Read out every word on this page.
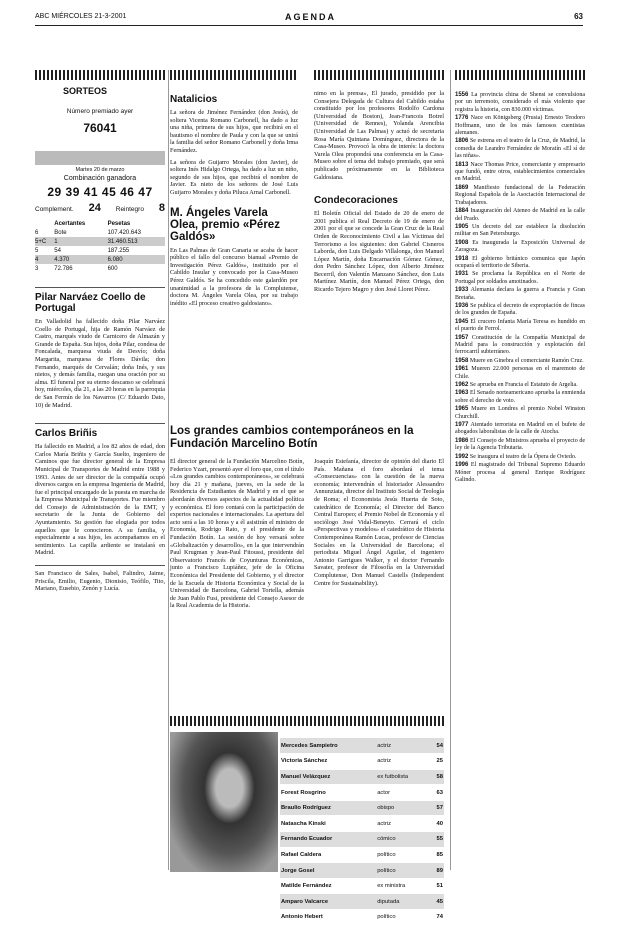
ABC MIÉRCOLES 21-3-2001	AGENDA	63
SORTEOS
Número premiado ayer
76041
Martes 20 de marzo
Combinación ganadora
29 39 41 45 46 47
Complement. 24 Reintegro 8
		Acertantes	Pesetas
6		Bote	107.420.643
5+C		1	31.460.513
5		54	187.255
4		4.370	6.080
3		72.786	600
Pilar Narváez Coello de Portugal

En Valladolid ha fallecido doña Pilar Narváez Coello de Portugal, hija de Ramón Narváez de Castro, marqués viudo de Carnicero de Almazán y Grande de España. Sus hijos, doña Pilar, condesa de Foncalada, marquesa viuda de Desvío; doña Margarita, marquesa de Flores Dávila; don Fernando, marqués de Cervalán; doña Inés, y sus nietos, y demás familia, ruegan una oración por su alma. El funeral por su eterno descanso se celebrará hoy, miércoles, día 21, a las 20 horas en la parroquia de San Fermín de los Navarros (C/ Eduardo Dato, 10) de Madrid.

Carlos Briñis

Ha fallecido en Madrid, a los 82 años de edad, don Carlos María Briñis y García Suelto, ingeniero de Caminos que fue director general de la Empresa Municipal de Transportes de Madrid entre 1988 y 1993. Antes de ser director de la compañía ocupó diversos cargos en la empresa Ingeniería de Madrid, fue el principal encargado de la puesta en marcha de la Empresa Municipal de Transportes. Fue miembro del Consejo de Administración de la EMT, y secretario de la Junta de Gobierno del Ayuntamiento. Su gestión fue elogiada por todos aquellos que le conocieron. A su familia, y especialmente a sus hijos, les acompañamos en el sentimiento. La capilla ardiente se instalará en Madrid.

San Francisco de Sales, Isabel, Falindro, Jaime, Priscila, Emilio, Eugenio, Dionisio, Teófilo, Tito, Mariano, Eusebio, Zenón y Lucía.

Natalicios

La señora de Jiménez Fernández (don Jesús), de soltera Vicenta Romano Carbonell, ha dado a luz una niña, primera de sus hijos, que recibirá en el bautismo el nombre de Paula y con la que se unirá la familia del señor Romano Carbonell y doña Irma Fernández.

La señora de Guijarro Morales (don Javier), de soltera Inés Hidalgo Ortega, ha dado a luz un niño, segundo de sus hijos, que recibirá el nombre de Javier. Es nieto de los señores de José Luis Guijarro Morales y doña Piluca Arnal Carbonell.

M. Ángeles Varela Olea, premio «Pérez Galdós»

En Las Palmas de Gran Canaria se acaba de hacer público el fallo del concurso bianual «Premio de Investigación Pérez Galdós», instituido por el Cabildo Insular y convocado por la Casa-Museo Pérez Galdós. Se ha concedido este galardón por unanimidad a la profesora de la Complutense, doctora M. Ángeles Varela Olea, por su trabajo inédito «El proceso creativo galdosiano».

nimo en la prensa», El jurado, presidido por la Consejera Delegada de Cultura del Cabildo estaba constituido por los profesores Rodolfo Cardona (Universidad de Boston), Jean-Francois Botrel (Universidad de Rennes), Yolanda Arencibia (Universidad de Las Palmas) y actuó de secretaria Rosa María Quintana Domínguez, directora de la Casa-Museo. Provocó la obra de interés: la doctora Varela Olea propondrá una conferencia en la Casa-Museo sobre el tema del trabajo premiado, que será publicado próximamente en la Biblioteca Galdosiana.

Condecoraciones

El Boletín Oficial del Estado de 20 de enero de 2001 publica el Real Decreto de 19 de enero de 2001 por el que se concede la Gran Cruz de la Real Orden de Reconocimiento Civil a las Víctimas del Terrorismo a los siguientes: don Gabriel Cisneros Laborda, don Luis Delgado Villalonga, don Manuel López Martín, doña Encarnación Gómez Gómez, don Pedro Sánchez López, don Alberto Jiménez Becerril, don Valentín Manzano Sánchez, don Luis Martínez Martín, don Manuel Pérez Ortega, don Ricardo Tejero Magro y don José Lloret Pérez.

Los grandes cambios contemporáneos en la Fundación Marcelino Botín

El director general de la Fundación Marcelino Botín, Federico Yzart, presentó ayer el foro que, con el título «Los grandes cambios contemporáneos», se celebrará hoy día 21 y mañana, jueves, en la sede de la Residencia de Estudiantes de Madrid y en el que se abordarán diversos aspectos de la actualidad política y económica. El foro contará con la participación de expertos nacionales e internacionales. La apertura del acto será a las 10 horas y a él asistirán el ministro de Economía, Rodrigo Rato, y el presidente de la Fundación Botín. La sesión de hoy versará sobre «Globalización y desarrollo», en la que intervendrán Paul Krugman y Jean-Paul Fitoussi, presidente del Observatorio Francés de Coyunturas Económicas, junto a Francisco Lupiáñez, jefe de la Oficina Económica del Presidente del Gobierno, y el director de la Escuela de Historia Económica y Social de la Universidad de Barcelona, Gabriel Tortella, además de Juan Pablo Fusi, presidente del Consejo Asesor de la Real Academia de la Historia.

Joaquín Estefanía, director de opinión del diario El País. Mañana el foro abordará el tema «Consecuencias» con la cuestión de la nueva economía; intervendrán el historiador Alessandro Annunziata, director del Instituto Social de Teología de Roma; el Economista Jesús Huerta de Soto, catedrático de Economía; el Director del Banco Central Europeo; el Premio Nobel de Economía y el sociólogo José Vidal-Beneyto. Cerrará el ciclo «Perspectivas y modelos» el catedrático de Historia Contemporánea Ramón Lucas, profesor de Ciencias Sociales en la Universidad de Barcelona; el periodista Miguel Ángel Aguilar, el ingeniero Antonio Garrigues Walker, y el doctor Fernando Savater, profesor de Filosofía en la Universidad Complutense, Don Manuel Castells (Independent Centre for Sustainability).

Mercedes Sampietro	actriz	54
Victoria Sánchez	actriz	25
Manuel Velázquez	ex futbolista	58
Forest Rosgrino	actor	63
Braulio Rodríguez	obispo	57
Natascha Kinski	actriz	40
Fernando Ecuador	cómico	55
Rafael Caldera	político	85
Jorge Gosel	político	89
Matilde Fernández	ex ministra	51
Amparo Valcarce	diputada	45
Antonio Hebert	político	74

1556 La provincia china de Shensi se convulsiona por un terremoto, considerado el más violento que registra la historia, con 830.000 víctimas.

1776 Nace en Königsberg (Prusia) Ernesto Teodoro Hoffmann, uno de los más famosos cuentistas alemanes.

1806 Se estrena en el teatro de la Cruz, de Madrid, la comedia de Leandro Fernández de Moratín «El sí de las niñas».

1813 Nace Thomas Price, comerciante y empresario que fundó, entre otros, establecimientos comerciales en Madrid.

1869 Manifiesto fundacional de la Federación Regional Española de la Asociación Internacional de Trabajadores.

1884 Inauguración del Ateneo de Madrid en la calle del Prado.

1905 Un decreto del zar establece la disolución militar en San Petersburgo.

1908 Es inaugurada la Exposición Universal de Zaragoza.

1918 El gobierno británico comunica que Japón ocupará el territorio de Siberia.

1931 Se proclama la República en el Norte de Portugal por soldados amotinados.

1933 Alemania declara la guerra a Francia y Gran Bretaña.

1936 Se publica el decreto de expropiación de fincas de los grandes de España.

1945 El crucero Infanta María Teresa es hundido en el puerto de Ferrol.

1957 Constitución de la Compañía Municipal de Madrid para la construcción y explotación del ferrocarril subterráneo.

1958 Muere en Ginebra el comerciante Ramón Cruz.

1961 Mueren 22.000 personas en el maremoto de Chile.

1962 Se aprueba en Francia el Estatuto de Argelia.

1963 El Senado norteamericano aprueba la enmienda sobre el derecho de voto.

1965 Muere en Londres el premio Nobel Winston Churchill.

1977 Atentado terrorista en Madrid en el bufete de abogados laboralistas de la calle de Atocha.

1986 El Consejo de Ministros aprueba el proyecto de ley de la Agencia Tributaria.

1992 Se inaugura el teatro de la Ópera de Oviedo.

1996 El magistrado del Tribunal Supremo Eduardo Móner procesa al general Enrique Rodríguez Galindo.
